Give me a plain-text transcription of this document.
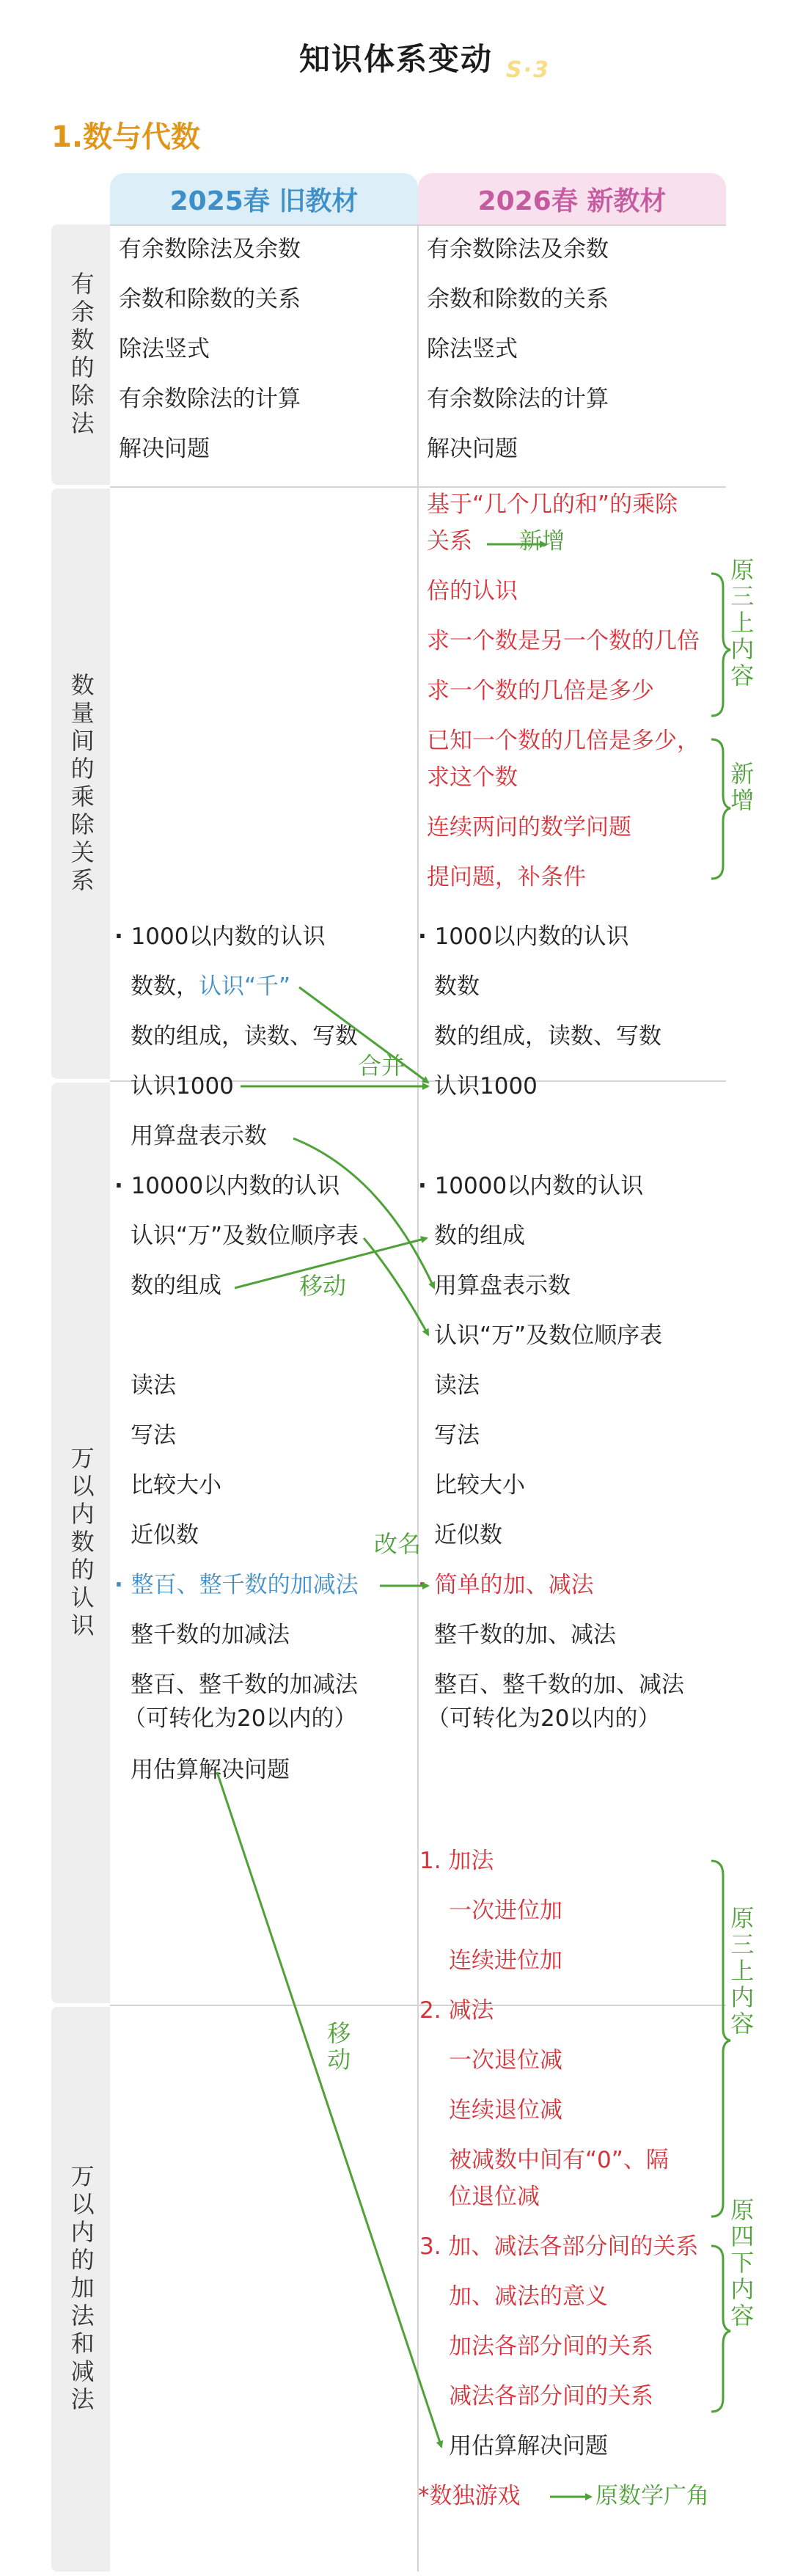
知识体系变动 S·3
1.数与代数
2025春 旧教材	2026春 新教材
有余数的除法
数量间的乘除关系
万以内数的认识
万以内的加法和减法
有余数除法及余数
余数和除数的关系
除法竖式
有余数除法的计算
解决问题
有余数除法及余数
余数和除数的关系
除法竖式
有余数除法的计算
解决问题
基于“几个几的和”的乘除
关系 新增
倍的认识
求一个数是另一个数的几倍
求一个数的几倍是多少
已知一个数的几倍是多少，
求这个数
连续两问的数学问题
提问题，补条件
· 1000以内数的认识
数数，认识“千”
数的组成，读数、写数
认识1000
用算盘表示数
· 10000以内数的认识
认识“万”及数位顺序表
数的组成
读法
写法
比较大小
近似数
· 整百、整千数的加减法
整千数的加减法
整百、整千数的加减法
（可转化为20以内的）
用估算解决问题
· 1000以内数的认识
数数
数的组成，读数、写数
认识1000
· 10000以内数的认识
数的组成
用算盘表示数
认识“万”及数位顺序表
读法
写法
比较大小
近似数
· 简单的加、减法
整千数的加、减法
整百、整千数的加、减法
（可转化为20以内的）
1. 加法
一次进位加
连续进位加
2. 减法
一次退位减
连续退位减
被减数中间有“0”、隔
位退位减
3. 加、减法各部分间的关系
加、减法的意义
加法各部分间的关系
减法各部分间的关系
用估算解决问题
*数独游戏	原数学广角
原三上内容
新增
合并
移动
改名
移动
原三上内容
原四下内容
